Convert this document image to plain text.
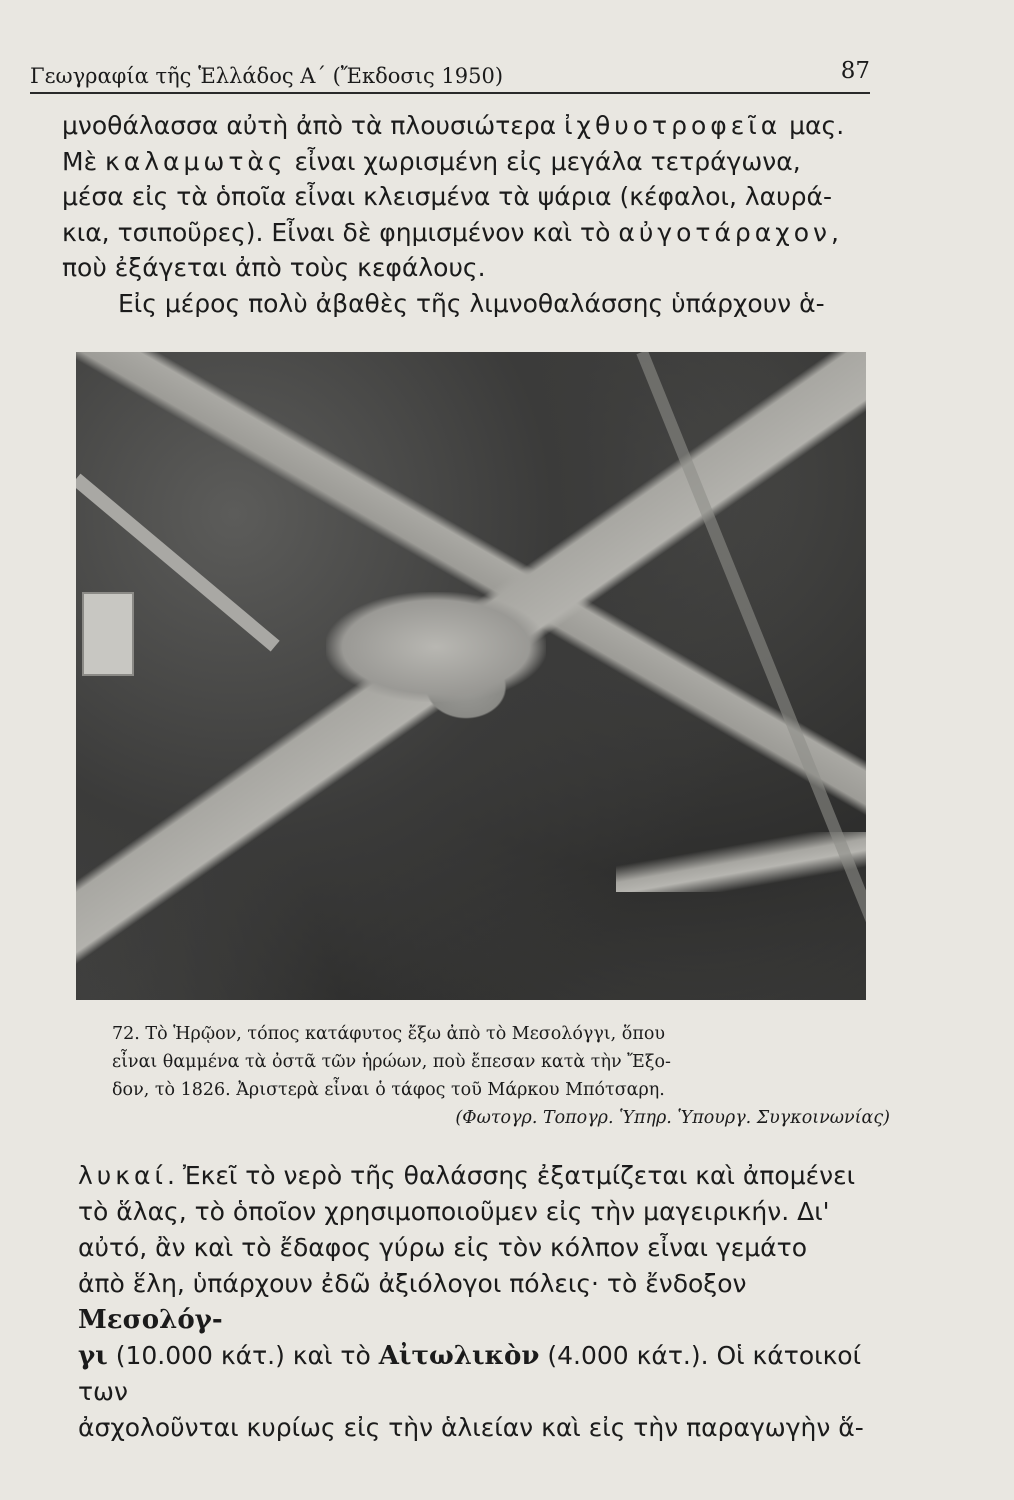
Γεωγραφία τῆς Ἑλλάδος Α´ (Ἔκδοσις 1950)	87

μνοθάλασσα αὐτὴ ἀπὸ τὰ πλουσιώτερα ἰχθυοτροφεῖα μας.

Μὲ καλαμωτὰς εἶναι χωρισμένη εἰς μεγάλα τετράγωνα,

μέσα εἰς τὰ ὁποῖα εἶναι κλεισμένα τὰ ψάρια (κέφαλοι, λαυρά-

κια, τσιποῦρες). Εἶναι δὲ φημισμένον καὶ τὸ αὐγοτάραχον,

ποὺ ἐξάγεται ἀπὸ τοὺς κεφάλους.

Εἰς μέρος πολὺ ἀβαθὲς τῆς λιμνοθαλάσσης ὑπάρχουν ἁ-

72. Τὸ Ἡρῷον, τόπος κατάφυτος ἔξω ἀπὸ τὸ Μεσολόγγι, ὅπου

εἶναι θαμμένα τὰ ὀστᾶ τῶν ἡρώων, ποὺ ἔπεσαν κατὰ τὴν Ἔξο-

δον, τὸ 1826. Ἀριστερὰ εἶναι ὁ τάφος τοῦ Μάρκου Μπότσαρη.

(Φωτογρ. Τοπογρ. Ὑπηρ. Ὑπουργ. Συγκοινωνίας)

λυκαί. Ἐκεῖ τὸ νερὸ τῆς θαλάσσης ἐξατμίζεται καὶ ἀπομένει

τὸ ἅλας, τὸ ὁποῖον χρησιμοποιοῦμεν εἰς τὴν μαγειρικήν. Δι'

αὐτό, ἂν καὶ τὸ ἔδαφος γύρω εἰς τὸν κόλπον εἶναι γεμάτο

ἀπὸ ἕλη, ὑπάρχουν ἐδῶ ἀξιόλογοι πόλεις· τὸ ἔνδοξον Μεσολόγ-

γι (10.000 κάτ.) καὶ τὸ Αἰτωλικὸν (4.000 κάτ.). Οἱ κάτοικοί των

ἀσχολοῦνται κυρίως εἰς τὴν ἁλιείαν καὶ εἰς τὴν παραγωγὴν ἅ-
